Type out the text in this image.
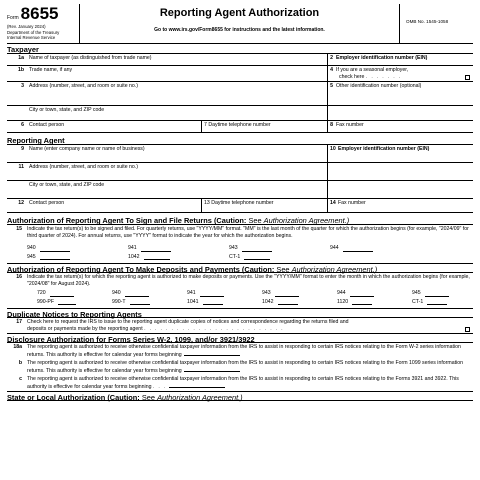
Form 8655
(Rev. January 2024)
Department of the Treasury
Internal Revenue Service
Reporting Agent Authorization
Go to www.irs.gov/Form8655 for instructions and the latest information.
OMB No. 1545-1058
Taxpayer
1a Name of taxpayer (as distinguished from trade name)	2 Employer identification number (EIN)
1b Trade name, if any	4 If you are a seasonal employer,
check here . . . . . . .
3 Address (number, street, and room or suite no.)	5 Other identification number (optional)
City or town, state, and ZIP code
6 Contact person	7 Daytime telephone number	8 Fax number
Reporting Agent
9 Name (enter company name or name of business)	10 Employer identification number (EIN)
11 Address (number, street, and room or suite no.)
City or town, state, and ZIP code
12 Contact person	13 Daytime telephone number	14 Fax number
Authorization of Reporting Agent To Sign and File Returns (Caution: See Authorization Agreement.)
15 Indicate the tax return(s) to be signed and filed. For quarterly returns, use "YYYY/MM" format. "MM" is the last month of the quarter for which the authorization begins (for example, "2024/09" for third quarter of 2024). For annual returns, use "YYYY" format to indicate the year for which the authorization begins.
940	941	943	944
945	1042	CT-1
Authorization of Reporting Agent To Make Deposits and Payments (Caution: See Authorization Agreement.)
16 Indicate the tax return(s) for which the reporting agent is authorized to make deposits or payments. Use the "YYYY/MM" format to enter the month in which the authorization begins (for example, "2024/08" for August 2024).
720	940	941	943	944	945
990-PF	990-T	1041	1042	1120	CT-1
Duplicate Notices to Reporting Agents
17 Check here to request the IRS to issue to the reporting agent duplicate copies of notices and correspondence regarding the returns filed and
deposits or payments made by the reporting agent . . . . . . . . . . . . . . . . . . . . . . . . . .
Disclosure Authorization for Forms Series W-2, 1099, and/or 3921/3922
18a The reporting agent is authorized to receive otherwise confidential taxpayer information from the IRS to assist in responding to certain IRS notices relating to the Form W-2 series information returns. This authority is effective for calendar year forms beginning
b The reporting agent is authorized to receive otherwise confidential taxpayer information from the IRS to assist in responding to certain IRS notices relating to the Form 1099 series information returns. This authority is effective for calendar year forms beginning
c The reporting agent is authorized to receive otherwise confidential taxpayer information from the IRS to assist in responding to certain IRS notices relating to the Forms 3921 and 3922. This authority is effective for calendar year forms beginning . . .
State or Local Authorization (Caution: See Authorization Agreement.)
